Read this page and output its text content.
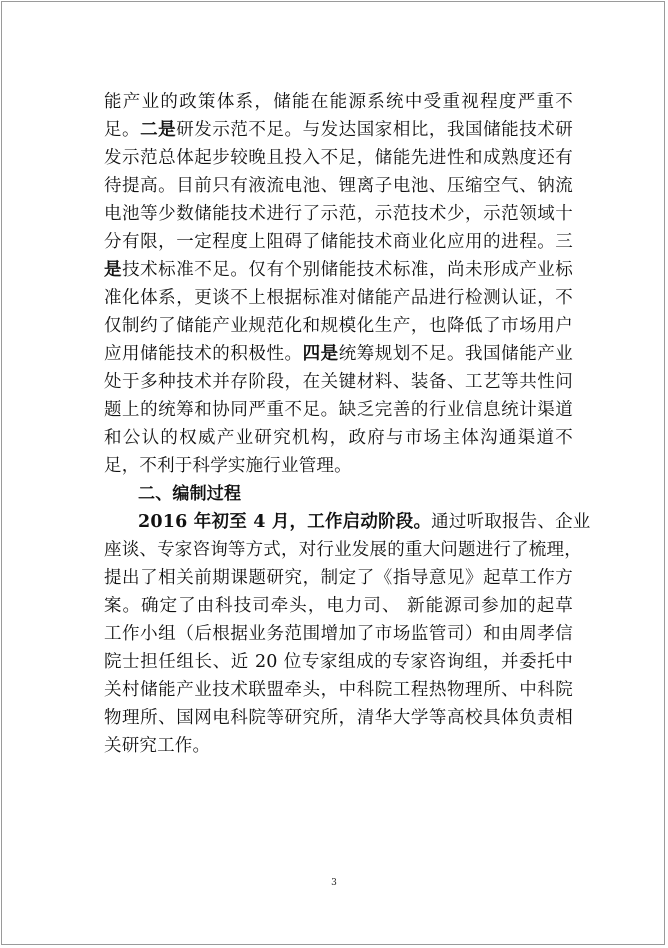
能产业的政策体系，储能在能源系统中受重视程度严重不
足。二是研发示范不足。与发达国家相比，我国储能技术研
发示范总体起步较晚且投入不足，储能先进性和成熟度还有
待提高。目前只有液流电池、锂离子电池、压缩空气、钠流
电池等少数储能技术进行了示范，示范技术少，示范领域十
分有限，一定程度上阻碍了储能技术商业化应用的进程。三
是技术标准不足。仅有个别储能技术标准，尚未形成产业标
准化体系，更谈不上根据标准对储能产品进行检测认证，不
仅制约了储能产业规范化和规模化生产，也降低了市场用户
应用储能技术的积极性。四是统筹规划不足。我国储能产业
处于多种技术并存阶段，在关键材料、装备、工艺等共性问
题上的统筹和协同严重不足。缺乏完善的行业信息统计渠道
和公认的权威产业研究机构，政府与市场主体沟通渠道不
足，不利于科学实施行业管理。
二、编制过程
2016 年初至 4 月，工作启动阶段。通过听取报告、企业
座谈、专家咨询等方式，对行业发展的重大问题进行了梳理，
提出了相关前期课题研究，制定了《指导意见》起草工作方
案。确定了由科技司牵头，电力司、 新能源司参加的起草
工作小组（后根据业务范围增加了市场监管司）和由周孝信
院士担任组长、近 20 位专家组成的专家咨询组，并委托中
关村储能产业技术联盟牵头，中科院工程热物理所、中科院
物理所、国网电科院等研究所，清华大学等高校具体负责相
关研究工作。
3
